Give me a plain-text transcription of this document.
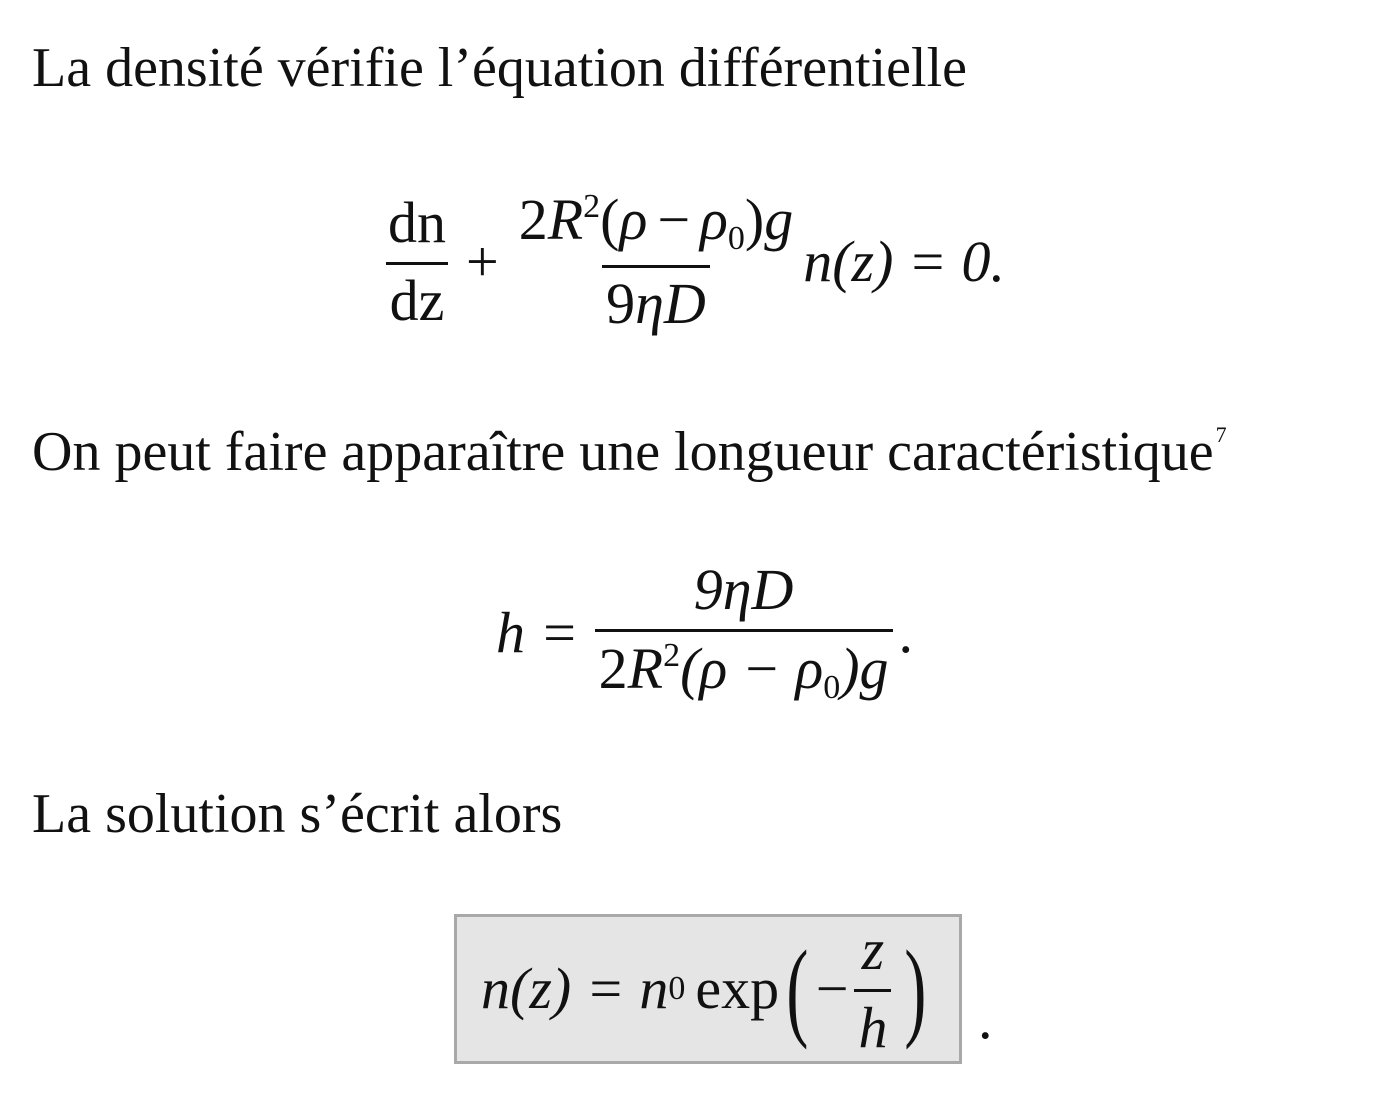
La densité vérifie l’équation différentielle
$\frac{dn}{dz} + \frac{2R^2(\rho - \rho_0)g}{9\eta D} n(z) = 0$.
On peut faire apparaître une longueur caractéristique$^7$
$h = \frac{9\eta D}{2R^2(\rho - \rho_0)g}$ .
La solution s’écrit alors
n(z) = n 0 exp ( − $\frac{z}{h}$ ) .
